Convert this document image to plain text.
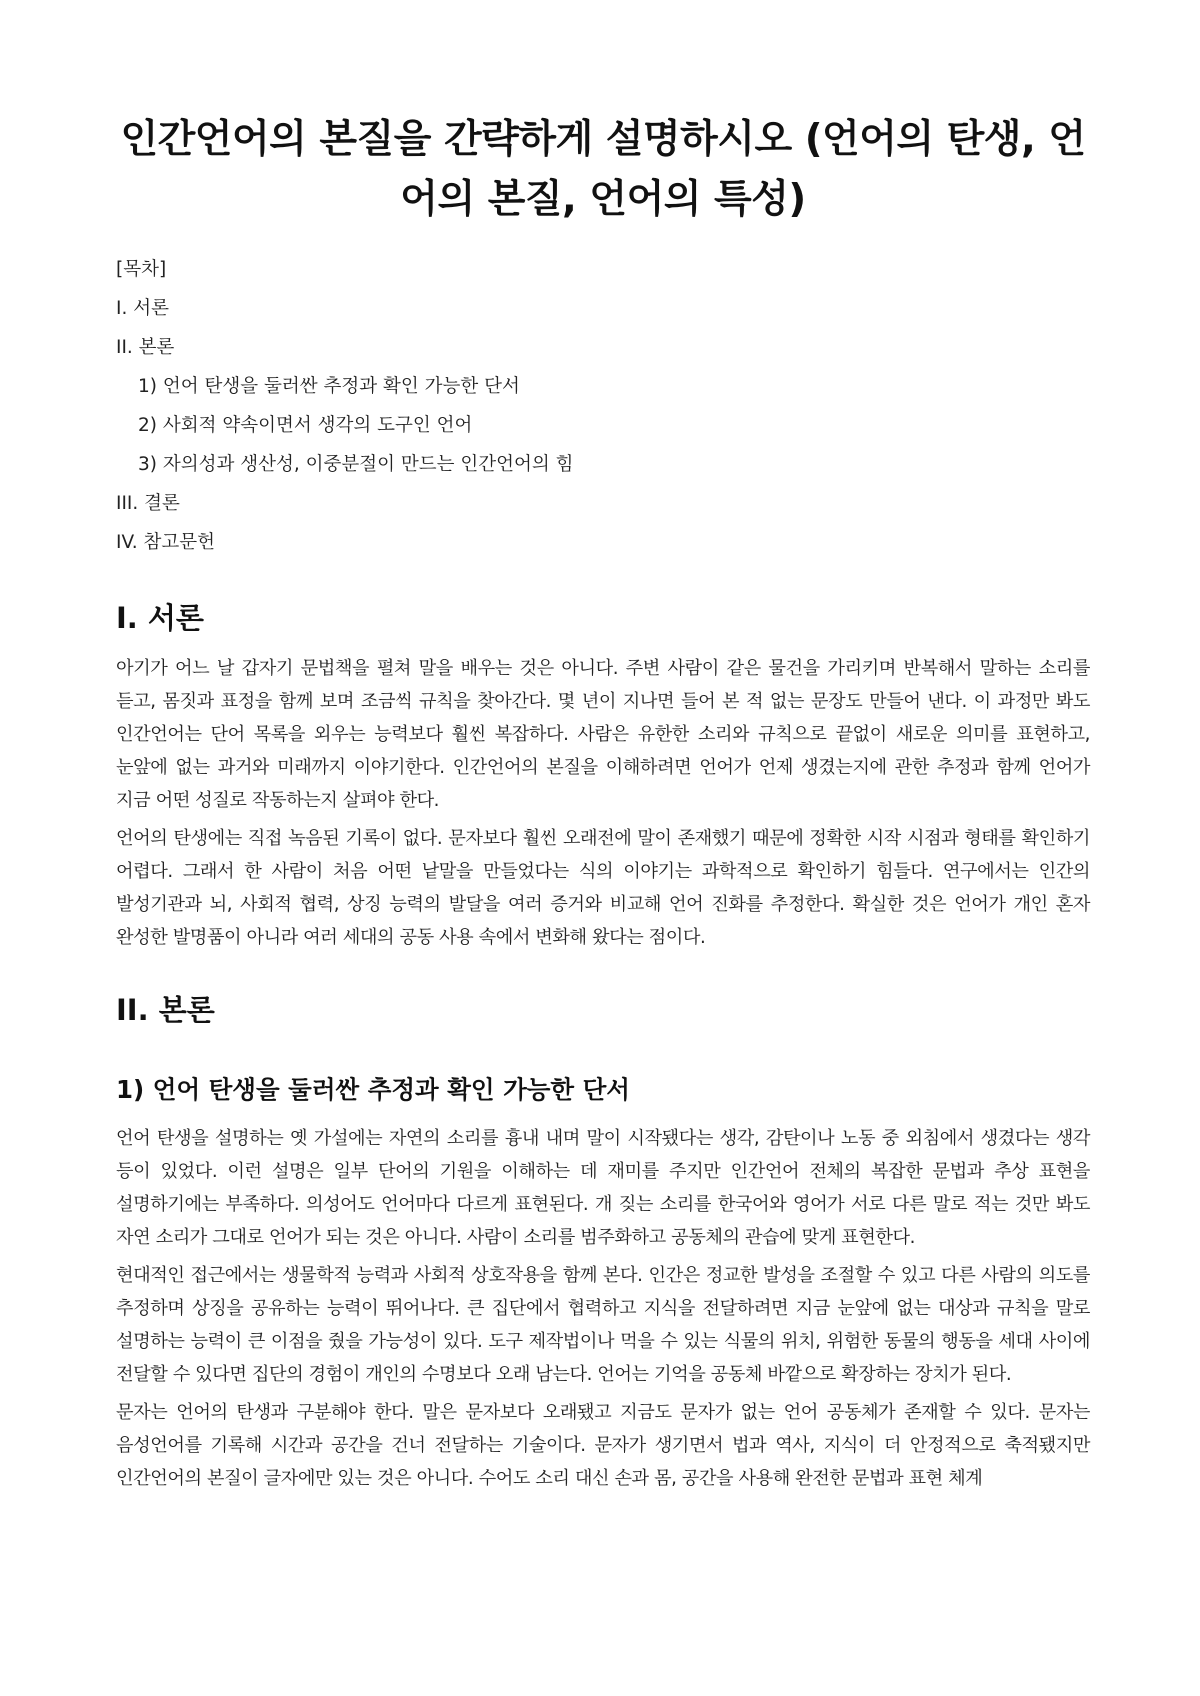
인간언어의 본질을 간략하게 설명하시오 (언어의 탄생, 언어의 본질, 언어의 특성)
[목차]
I. 서론
II. 본론
1) 언어 탄생을 둘러싼 추정과 확인 가능한 단서
2) 사회적 약속이면서 생각의 도구인 언어
3) 자의성과 생산성, 이중분절이 만드는 인간언어의 힘
III. 결론
IV. 참고문헌
I. 서론

아기가 어느 날 갑자기 문법책을 펼쳐 말을 배우는 것은 아니다. 주변 사람이 같은 물건을 가리키며 반복해서 말하는 소리를 듣고, 몸짓과 표정을 함께 보며 조금씩 규칙을 찾아간다. 몇 년이 지나면 들어 본 적 없는 문장도 만들어 낸다. 이 과정만 봐도 인간언어는 단어 목록을 외우는 능력보다 훨씬 복잡하다. 사람은 유한한 소리와 규칙으로 끝없이 새로운 의미를 표현하고, 눈앞에 없는 과거와 미래까지 이야기한다. 인간언어의 본질을 이해하려면 언어가 언제 생겼는지에 관한 추정과 함께 언어가 지금 어떤 성질로 작동하는지 살펴야 한다.

언어의 탄생에는 직접 녹음된 기록이 없다. 문자보다 훨씬 오래전에 말이 존재했기 때문에 정확한 시작 시점과 형태를 확인하기 어렵다. 그래서 한 사람이 처음 어떤 낱말을 만들었다는 식의 이야기는 과학적으로 확인하기 힘들다. 연구에서는 인간의 발성기관과 뇌, 사회적 협력, 상징 능력의 발달을 여러 증거와 비교해 언어 진화를 추정한다. 확실한 것은 언어가 개인 혼자 완성한 발명품이 아니라 여러 세대의 공동 사용 속에서 변화해 왔다는 점이다.

II. 본론
1) 언어 탄생을 둘러싼 추정과 확인 가능한 단서

언어 탄생을 설명하는 옛 가설에는 자연의 소리를 흉내 내며 말이 시작됐다는 생각, 감탄이나 노동 중 외침에서 생겼다는 생각 등이 있었다. 이런 설명은 일부 단어의 기원을 이해하는 데 재미를 주지만 인간언어 전체의 복잡한 문법과 추상 표현을 설명하기에는 부족하다. 의성어도 언어마다 다르게 표현된다. 개 짖는 소리를 한국어와 영어가 서로 다른 말로 적는 것만 봐도 자연 소리가 그대로 언어가 되는 것은 아니다. 사람이 소리를 범주화하고 공동체의 관습에 맞게 표현한다.

현대적인 접근에서는 생물학적 능력과 사회적 상호작용을 함께 본다. 인간은 정교한 발성을 조절할 수 있고 다른 사람의 의도를 추정하며 상징을 공유하는 능력이 뛰어나다. 큰 집단에서 협력하고 지식을 전달하려면 지금 눈앞에 없는 대상과 규칙을 말로 설명하는 능력이 큰 이점을 줬을 가능성이 있다. 도구 제작법이나 먹을 수 있는 식물의 위치, 위험한 동물의 행동을 세대 사이에 전달할 수 있다면 집단의 경험이 개인의 수명보다 오래 남는다. 언어는 기억을 공동체 바깥으로 확장하는 장치가 된다.

문자는 언어의 탄생과 구분해야 한다. 말은 문자보다 오래됐고 지금도 문자가 없는 언어 공동체가 존재할 수 있다. 문자는 음성언어를 기록해 시간과 공간을 건너 전달하는 기술이다. 문자가 생기면서 법과 역사, 지식이 더 안정적으로 축적됐지만 인간언어의 본질이 글자에만 있는 것은 아니다. 수어도 소리 대신 손과 몸, 공간을 사용해 완전한 문법과 표현 체계
